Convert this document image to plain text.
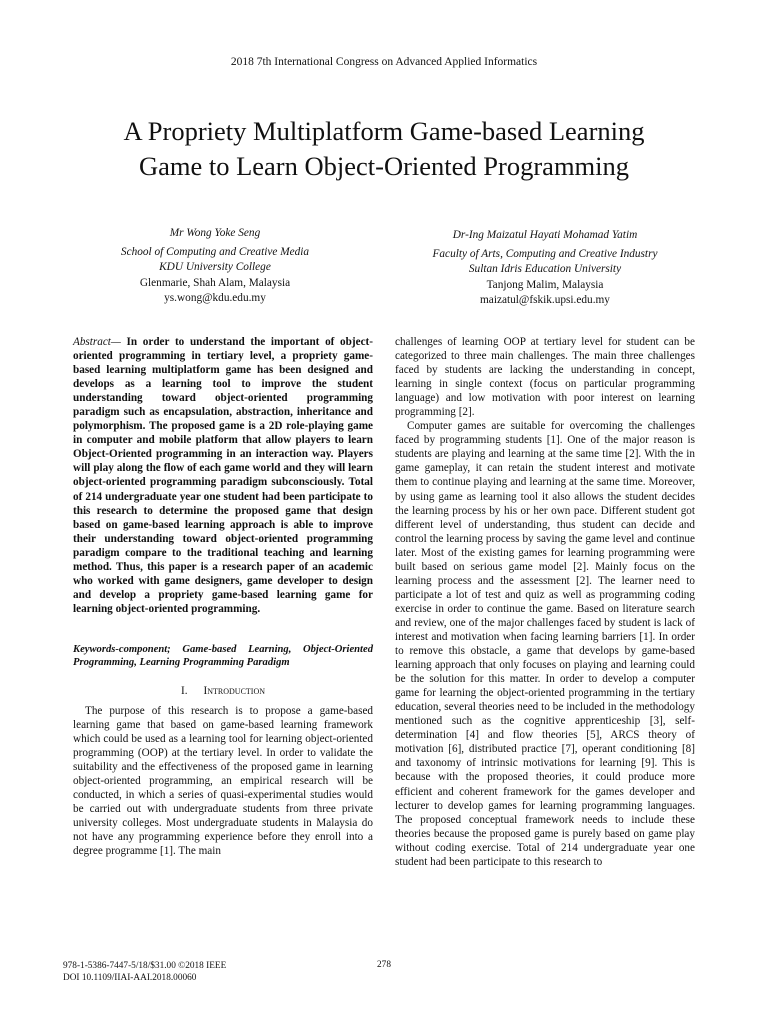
2018 7th International Congress on Advanced Applied Informatics
A Propriety Multiplatform Game-based Learning
Game to Learn Object-Oriented Programming
Mr Wong Yoke Seng
School of Computing and Creative Media
KDU University College
Glenmarie, Shah Alam, Malaysia
ys.wong@kdu.edu.my
Dr-Ing Maizatul Hayati Mohamad Yatim
Faculty of Arts, Computing and Creative Industry
Sultan Idris Education University
Tanjong Malim, Malaysia
maizatul@fskik.upsi.edu.my
Abstract— In order to understand the important of object-oriented programming in tertiary level, a propriety game-based learning multiplatform game has been designed and develops as a learning tool to improve the student understanding toward object-oriented programming paradigm such as encapsulation, abstraction, inheritance and polymorphism. The proposed game is a 2D role-playing game in computer and mobile platform that allow players to learn Object-Oriented programming in an interaction way. Players will play along the flow of each game world and they will learn object-oriented programming paradigm subconsciously. Total of 214 undergraduate year one student had been participate to this research to determine the proposed game that design based on game-based learning approach is able to improve their understanding toward object-oriented programming paradigm compare to the traditional teaching and learning method. Thus, this paper is a research paper of an academic who worked with game designers, game developer to design and develop a propriety game-based learning game for learning object-oriented programming.
Keywords-component; Game-based Learning, Object-Oriented Programming, Learning Programming Paradigm
I. Introduction

The purpose of this research is to propose a game-based learning game that based on game-based learning framework which could be used as a learning tool for learning object-oriented programming (OOP) at the tertiary level. In order to validate the suitability and the effectiveness of the proposed game in learning object-oriented programming, an empirical research will be conducted, in which a series of quasi-experimental studies would be carried out with undergraduate students from three private university colleges. Most undergraduate students in Malaysia do not have any programming experience before they enroll into a degree programme [1]. The main

challenges of learning OOP at tertiary level for student can be categorized to three main challenges. The main three challenges faced by students are lacking the understanding in concept, learning in single context (focus on particular programming language) and low motivation with poor interest on learning programming [2].

Computer games are suitable for overcoming the challenges faced by programming students [1]. One of the major reason is students are playing and learning at the same time [2]. With the in game gameplay, it can retain the student interest and motivate them to continue playing and learning at the same time. Moreover, by using game as learning tool it also allows the student decides the learning process by his or her own pace. Different student got different level of understanding, thus student can decide and control the learning process by saving the game level and continue later. Most of the existing games for learning programming were built based on serious game model [2]. Mainly focus on the learning process and the assessment [2]. The learner need to participate a lot of test and quiz as well as programming coding exercise in order to continue the game. Based on literature search and review, one of the major challenges faced by student is lack of interest and motivation when facing learning barriers [1]. In order to remove this obstacle, a game that develops by game-based learning approach that only focuses on playing and learning could be the solution for this matter. In order to develop a computer game for learning the object-oriented programming in the tertiary education, several theories need to be included in the methodology mentioned such as the cognitive apprenticeship [3], self-determination [4] and flow theories [5], ARCS theory of motivation [6], distributed practice [7], operant conditioning [8] and taxonomy of intrinsic motivations for learning [9]. This is because with the proposed theories, it could produce more efficient and coherent framework for the games developer and lecturer to develop games for learning programming languages. The proposed conceptual framework needs to include these theories because the proposed game is purely based on game play without coding exercise. Total of 214 undergraduate year one student had been participate to this research to

978-1-5386-7447-5/18/$31.00 ©2018 IEEE
DOI 10.1109/IIAI-AAI.2018.00060
278
